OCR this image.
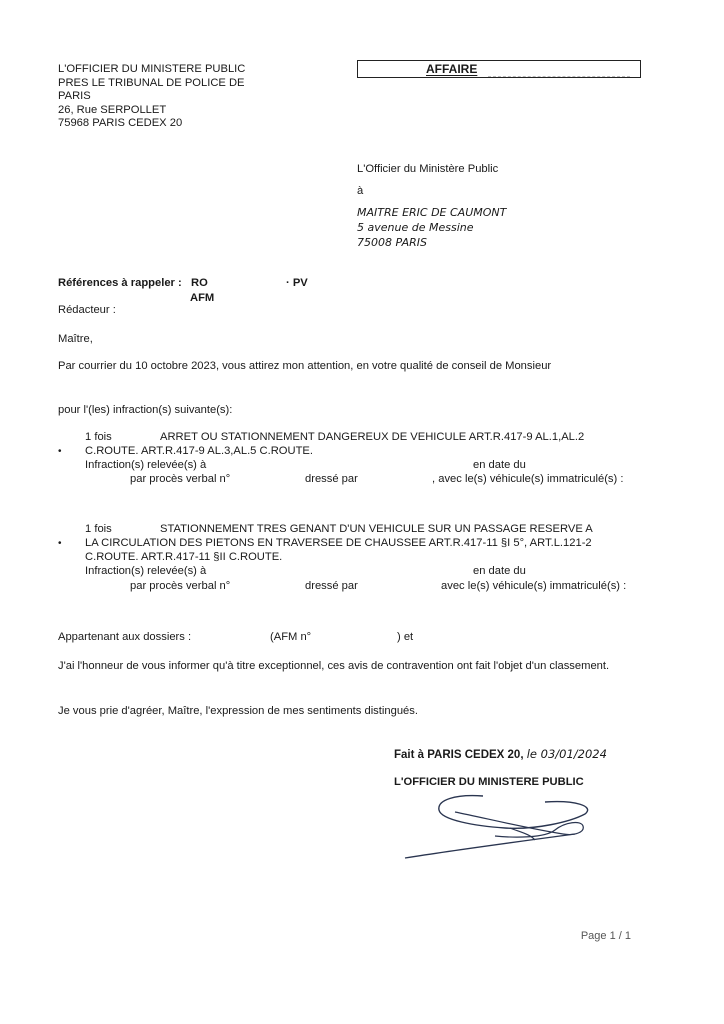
L'OFFICIER DU MINISTERE PUBLIC
PRES LE TRIBUNAL DE POLICE DE
PARIS
26, Rue SERPOLLET
75968 PARIS CEDEX 20
AFFAIRE
L'Officier du Ministère Public
à
MAITRE ERIC DE CAUMONT
5 avenue de Messine
75008 PARIS
Références à rappeler : RO	· PV
AFM
Rédacteur :
Maître,
Par courrier du 10 octobre 2023, vous attirez mon attention, en votre qualité de conseil de Monsieur
pour l'(les) infraction(s) suivante(s):
1 fois	ARRET OU STATIONNEMENT DANGEREUX DE VEHICULE ART.R.417-9 AL.1,AL.2
• C.ROUTE. ART.R.417-9 AL.3,AL.5 C.ROUTE.
Infraction(s) relevée(s) à	en date du
par procès verbal n°	dressé par	, avec le(s) véhicule(s) immatriculé(s) :
1 fois	STATIONNEMENT TRES GENANT D'UN VEHICULE SUR UN PASSAGE RESERVE A
• LA CIRCULATION DES PIETONS EN TRAVERSEE DE CHAUSSEE ART.R.417-11 §I 5°, ART.L.121-2
C.ROUTE. ART.R.417-11 §II C.ROUTE.
Infraction(s) relevée(s) à	en date du
par procès verbal n°	dressé par	avec le(s) véhicule(s) immatriculé(s) :
Appartenant aux dossiers :	(AFM n°	) et
J'ai l'honneur de vous informer qu'à titre exceptionnel, ces avis de contravention ont fait l'objet d'un classement.
Je vous prie d'agréer, Maître, l'expression de mes sentiments distingués.
Fait à PARIS CEDEX 20, le 03/01/2024
L'OFFICIER DU MINISTERE PUBLIC
Page 1 / 1
